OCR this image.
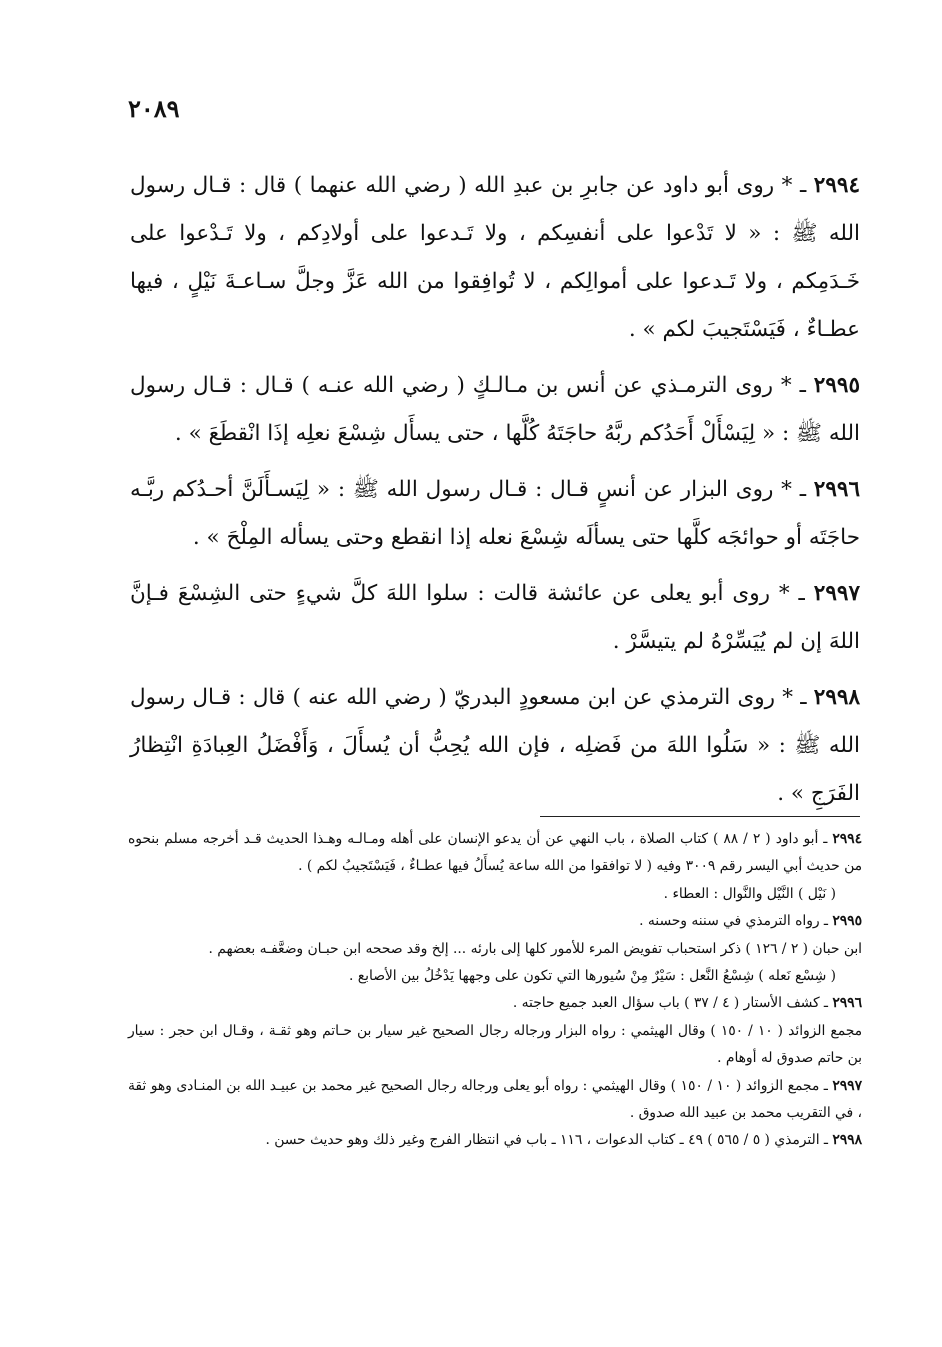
٢٠٨٩

٢٩٩٤ ـ * روى أبو داود عن جابرِ بن عبدِ الله ( رضي الله عنهما ) قال : قـال رسول الله ﷺ : « لا تَدْعوا على أنفسِكم ، ولا تَـدعوا على أولادِكم ، ولا تَـدْعوا على خَـدَمِكم ، ولا تَـدعوا على أموالِكم ، لا تُوافِقوا من الله عَزَّ وجلَّ سـاعـةَ نَيْلٍ ، فيها عطـاءٌ ، فَيَسْتَجيبَ لكم » .

٢٩٩٥ ـ * روى الترمـذي عن أنس بن مـالـكٍ ( رضي الله عنـه ) قـال : قـال رسول الله ﷺ : « لِيَسْأَلْ أَحَدُكم ربَّهُ حاجَتَهُ كُلَّها ، حتى يسأَل شِسْعَ نعلِه إذَا انْقطَعَ » .

٢٩٩٦ ـ * روى البزار عن أنسٍ قـال : قـال رسول الله ﷺ : « لِيَسـأَلَنَّ أحـدُكم ربَّـه حاجَتَه أو حوائجَه كلَّها حتى يسألَه شِسْعَ نعله إذا انقطع وحتى يسأله المِلْحَ » .

٢٩٩٧ ـ * روى أبو يعلى عن عائشة قالت : سلوا اللهَ كلَّ شيءٍ حتى الشِسْعَ فـإنَّ اللهَ إن لم يُيَسِّرْهُ لم يتيسَّرْ .

٢٩٩٨ ـ * روى الترمذي عن ابن مسعودٍ البدريّ ( رضي الله عنه ) قال : قـال رسول الله ﷺ : « سَلُوا اللهَ من فَضلِه ، فإن الله يُحِبُّ أن يُسأَلَ ، وَأَفْضَلُ العِبادَةِ انْتِظارُ الفَرَجِ » .

٢٩٩٤ ـ أبو داود ( ٢ / ٨٨ ) كتاب الصلاة ، باب النهي عن أن يدعو الإنسان على أهله ومـالـه وهـذا الحديث قـد أخرجه مسلم بنحوه من حديث أبي اليسر رقم ٣٠٠٩ وفيه ( لا توافقوا من الله ساعة يُسأَلُ فيها عطـاءٌ ، فَيَسْتَجيبُ لكم ) .

( نَيْل ) النَّيْل والنَّوال : العطاء .

٢٩٩٥ ـ رواه الترمذي في سننه وحسنه .

ابن حبان ( ٢ / ١٢٦ ) ذكر استحباب تفويض المرء للأمور كلها إلى بارئه ... إلخ وقد صححه ابن حبـان وضعَّفـه بعضهم .

( شِسْع نَعله ) شِسْعُ النَّعل : سَيْرٌ مِنْ سُيورها التي تكون على وجهها يَدْخُلُ بين الأصابع .

٢٩٩٦ ـ كشف الأستار ( ٤ / ٣٧ ) باب سؤال العبد جميع حاجته .

مجمع الزوائد ( ١٠ / ١٥٠ ) وقال الهيثمي : رواه البزار ورجاله رجال الصحيح غير سيار بن حـاتم وهو ثقـة ، وقـال ابن حجر : سيار بن حاتم صدوق له أوهام .

٢٩٩٧ ـ مجمع الزوائد ( ١٠ / ١٥٠ ) وقال الهيثمي : رواه أبو يعلى ورجاله رجال الصحيح غير محمد بن عبيـد الله بن المنـادى وهو ثقة ، في التقريب محمد بن عبيد الله صدوق .

٢٩٩٨ ـ الترمذي ( ٥ / ٥٦٥ ) ٤٩ ـ كتاب الدعوات ، ١١٦ ـ باب في انتظار الفرج وغير ذلك وهو حديث حسن .
